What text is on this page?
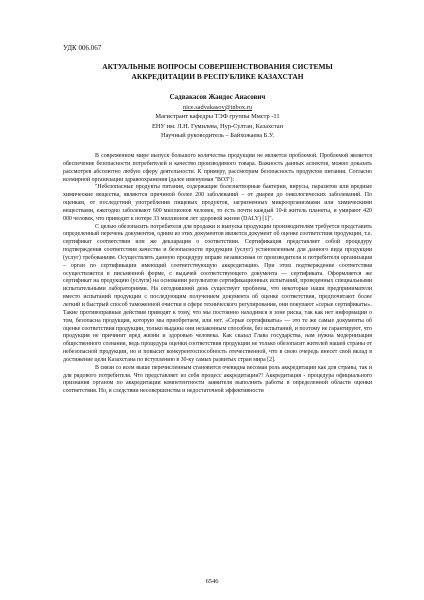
УДК 006.067
АКТУАЛЬНЫЕ ВОПРОСЫ СОВЕРШЕНСТВОВАНИЯ СИСТЕМЫ
АККРЕДИТАЦИИ В РЕСПУБЛИКЕ КАЗАХСТАН
Садвакасов Жандос Анасович
nice.sadvakasov@inbox.ru
Магистрант кафедры ТЭФ группы Ммстр -11
ЕНУ им. Л.Н. Гумилева, Нур-Султан, Казахстан
Научный руководитель – Байхожаева Б.У.

В современном мире выпуск большого количества продукции не является проблемой. Проблемой является обеспечение безопасности потребителей и качество производимого товара. Важность данных аспектов, можно доказать рассмотрев абсолютно любую сферу деятельности. К примеру, рассмотрим безопасность продуктов питания. Согласно всемирной организации здравоохранения (далее именуемая "ВОЗ"):

"Небезопасные продукты питания, содержащие болезнетворные бактерии, вирусы, паразитов или вредные химические вещества, являются причиной более 200 заболеваний – от диареи до онкологических заболеваний. По оценкам, от последствий употребления пищевых продуктов, загрязненных микроорганизмами или химическими веществами, ежегодно заболевают 600 миллионов человек, то есть почти каждый 10-й житель планеты, и умирают 420 000 человек, что приводит к потере 33 миллионов лет здоровой жизни (DALY) [1]".

С целью обезопасить потребителя для продажи и выпуска продукции производителям требуется представить определенный перечень документов, одним из этих документов является документ об оценке соответствия продукции, т.е. сертификат соответствия или же декларация о соответствии. Сертификация представляет собой процедуру подтверждения соответствия качества и безопасности продукции (услуг) установленным для данного вида продукции (услуг) требованиям. Осуществлять данную процедуру вправе независимая от производителя и потребителя организация – орган по сертификации имеющий соответствующую аккредитацию. При этом подтверждение соответствия осуществляется в письменной форме, с выдачей соответствующего документа — сертификата. Оформляется же сертификат на продукцию (услуги) на основании результатов сертификационных испытаний, проведенных специальными испытательными лабораториями. На сегодняшний день существует проблема, что некоторые наши предприниматели вместо испытаний продукции с последующим получением документа об оценке соответствия, предпочитают более легкий и быстрый способ таможенной очистки в сфере технического регулирования, они покупают «серые сертификаты». Такие противоправные действия приводят к тому, что мы постоянно находимся в зоне риска, так как нет информации о том, безопасна продукция, которую мы приобретаем, или нет. «Серые сертификаты» — это те же самые документы об оценке соответствия продукции, только выданы они незаконным способом, без испытаний, и поэтому не гарантируют, что продукция не причинит вред жизни и здоровью человека. Как сказал Глава государства, нам нужна модернизация общественного сознания, ведь процедура оценки соответствия продукции не только обезопасит жителей нашей страны от небезопасной продукции, но и повысит конкурентоспособность отечественной, что в свою очередь внесет свой вклад в достижение цели Казахстана по вступлению в 30-ку самых развитых стран мира [2].

В связи со всем выше перечисленным становится очевидна весомая роль аккредитации как для страны, так и для рядового потребителя. Что представляет из себя процесс аккредитации?! Аккредитация - процедура официального признания органом по аккредитации компетентности заявителя выполнять работы в определенной области оценки соответствия. Но, в следствии несовершенства и недостаточной эффективности

6546
